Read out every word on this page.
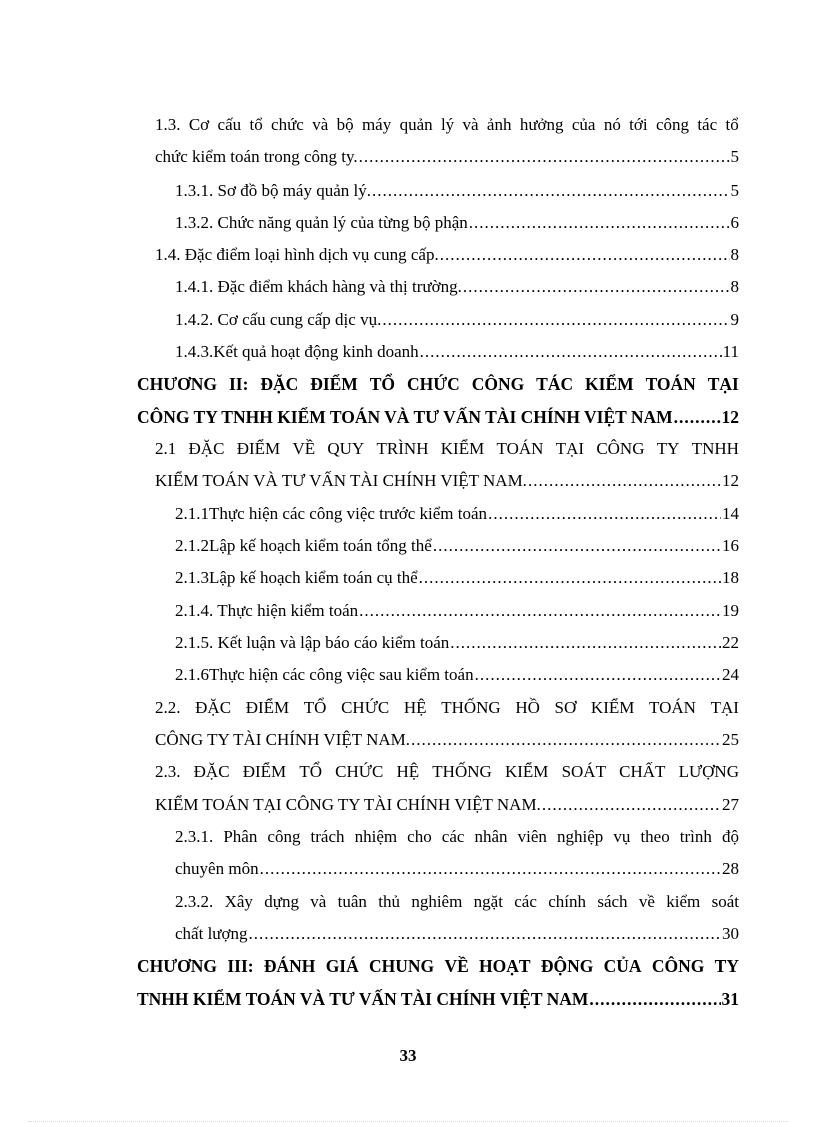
1.3. Cơ cấu tổ chức và bộ máy quản lý và ảnh hưởng của nó tới công tác tổ
chức kiểm toán trong công ty. .....	5
1.3.1. Sơ đồ bộ máy quản lý. .....	5
1.3.2. Chức năng quản lý của từng bộ phận .....	6
1.4. Đặc điểm loại hình dịch vụ cung cấp. .....	8
1.4.1. Đặc điểm khách hàng và thị trường. .....	8
1.4.2. Cơ cấu cung cấp dịc vụ. .....	9
1.4.3.Kết quả hoạt động kinh doanh .....	11
CHƯƠNG II: ĐẶC ĐIỂM TỔ CHỨC CÔNG TÁC KIỂM TOÁN TẠI
CÔNG TY TNHH KIỂM TOÁN VÀ TƯ VẤN TÀI CHÍNH VIỆT NAM .....	12
2.1 ĐẶC ĐIỂM VỀ QUY TRÌNH KIỂM TOÁN TẠI CÔNG TY TNHH
KIỂM TOÁN VÀ TƯ VẤN TÀI CHÍNH VIỆT NAM. .....	12
2.1.1 Thực hiện các công việc trước kiểm toán .....	14
2.1.2 Lập kế hoạch kiểm toán tổng thể .....	16
2.1.3 Lập kế hoạch kiểm toán cụ thể .....	18
2.1.4. Thực hiện kiểm toán .....	19
2.1.5. Kết luận và lập báo cáo kiểm toán .....	22
2.1.6 Thực hiện các công việc sau kiểm toán .....	24
2.2. ĐẶC ĐIỂM TỔ CHỨC HỆ THỐNG HỒ SƠ KIỂM TOÁN TẠI
CÔNG TY TÀI CHÍNH VIỆT NAM. .....	25
2.3. ĐẶC ĐIỂM TỔ CHỨC HỆ THỐNG KIỂM SOÁT CHẤT LƯỢNG
KIỂM TOÁN TẠI CÔNG TY TÀI CHÍNH VIỆT NAM. .....	27
2.3.1. Phân công trách nhiệm cho các nhân viên nghiệp vụ theo trình độ
chuyên môn .....	28
2.3.2. Xây dựng và tuân thủ nghiêm ngặt các chính sách về kiểm soát
chất lượng .....	30
CHƯƠNG III: ĐÁNH GIÁ CHUNG VỀ HOẠT ĐỘNG CỦA CÔNG TY
TNHH KIỂM TOÁN VÀ TƯ VẤN TÀI CHÍNH VIỆT NAM .....	31
33
